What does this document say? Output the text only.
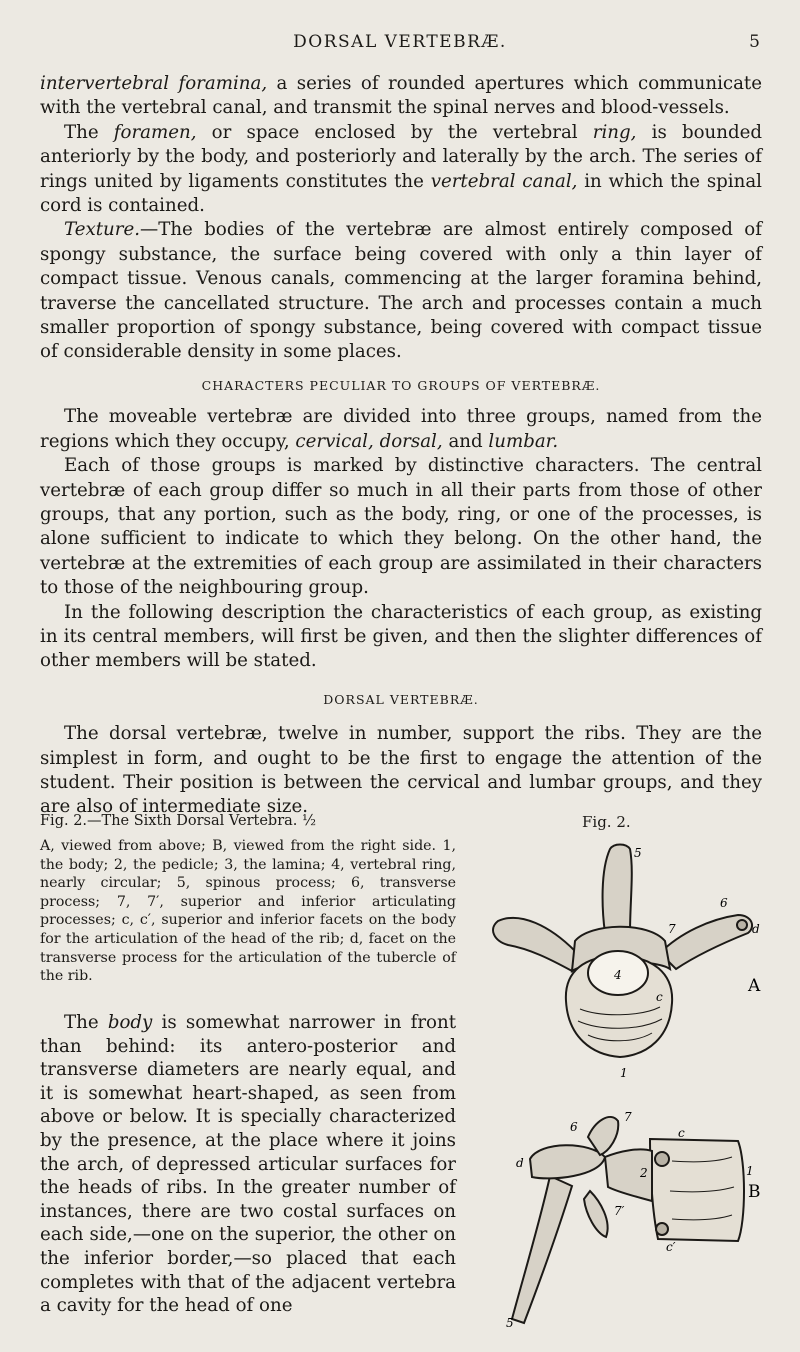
DORSAL VERTEBRÆ.	5

intervertebral foramina, a series of rounded apertures which communicate with the vertebral canal, and transmit the spinal nerves and blood-vessels.

The foramen, or space enclosed by the vertebral ring, is bounded anteriorly by the body, and posteriorly and laterally by the arch. The series of rings united by ligaments constitutes the vertebral canal, in which the spinal cord is contained.

Texture.—The bodies of the vertebræ are almost entirely composed of spongy substance, the surface being covered with only a thin layer of compact tissue. Venous canals, commencing at the larger foramina behind, traverse the cancellated structure. The arch and processes contain a much smaller proportion of spongy substance, being covered with compact tissue of considerable density in some places.

CHARACTERS PECULIAR TO GROUPS OF VERTEBRÆ.

The moveable vertebræ are divided into three groups, named from the regions which they occupy, cervical, dorsal, and lumbar.

Each of those groups is marked by distinctive characters. The central vertebræ of each group differ so much in all their parts from those of other groups, that any portion, such as the body, ring, or one of the processes, is alone sufficient to indicate to which they belong. On the other hand, the vertebræ at the extremities of each group are assimilated in their characters to those of the neighbouring group.

In the following description the characteristics of each group, as existing in its central members, will first be given, and then the slighter differences of other members will be stated.

DORSAL VERTEBRÆ.

The dorsal vertebræ, twelve in number, support the ribs. They are the simplest in form, and ought to be the first to engage the attention of the student. Their position is between the cervical and lumbar groups, and they are also of intermediate size.

Fig. 2.—The Sixth Dorsal Vertebra. ½
A, viewed from above; B, viewed from the right side. 1, the body; 2, the pedicle; 3, the lamina; 4, vertebral ring, nearly circular; 5, spinous process; 6, transverse process; 7, 7′, superior and inferior articulating processes; c, c′, superior and inferior facets on the body for the articulation of the head of the rib; d, facet on the transverse process for the articulation of the tubercle of the rib.
Fig. 2.

The body is somewhat narrower in front than behind: its antero-posterior and transverse diameters are nearly equal, and it is somewhat heart-shaped, as seen from above or below. It is specially characterized by the presence, at the place where it joins the arch, of depressed articular surfaces for the heads of ribs. In the greater number of instances, there are two costal surfaces on each side,—one on the superior, the other on the inferior border,—so placed that each completes with that of the adjacent vertebra a cavity for the head of one

5
6
d
7
4
c
1
A
6
7
c
d
2	1
B
7′
c′
5
